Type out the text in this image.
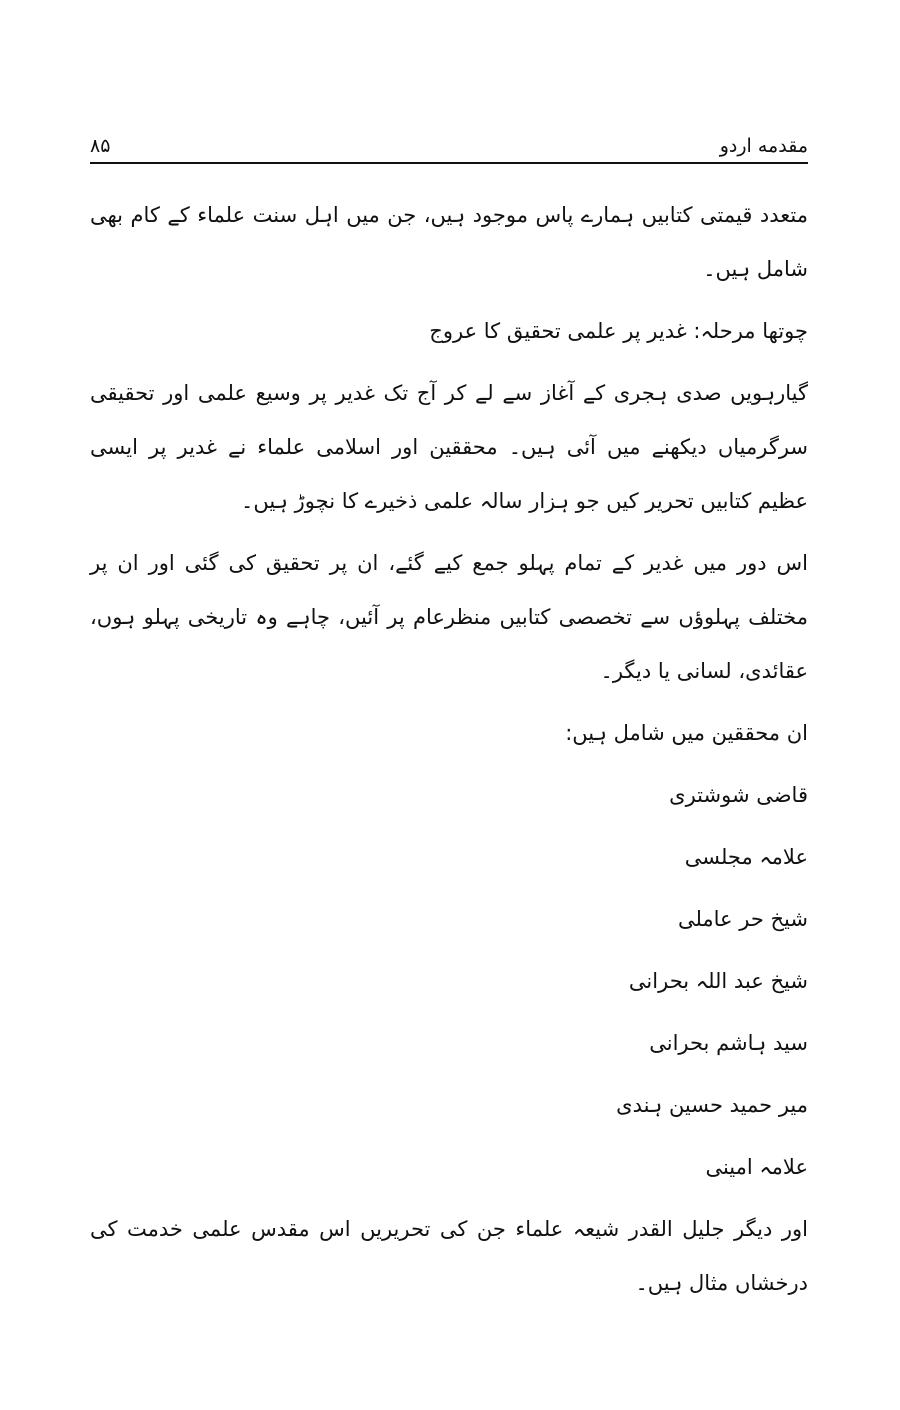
مقدمه اردو
۸۵

متعدد قیمتی کتابیں ہمارے پاس موجود ہیں، جن میں اہل سنت علماء کے کام بھی شامل ہیں۔

چوتھا مرحلہ: غدیر پر علمی تحقیق کا عروج

گیارہویں صدی ہجری کے آغاز سے لے کر آج تک غدیر پر وسیع علمی اور تحقیقی سرگرمیاں دیکھنے میں آئی ہیں۔ محققین اور اسلامی علماء نے غدیر پر ایسی عظیم کتابیں تحریر کیں جو ہزار سالہ علمی ذخیرے کا نچوڑ ہیں۔

اس دور میں غدیر کے تمام پہلو جمع کیے گئے، ان پر تحقیق کی گئی اور ان پر مختلف پہلوؤں سے تخصصی کتابیں منظرعام پر آئیں، چاہے وہ تاریخی پہلو ہوں، عقائدی، لسانی یا دیگر۔

ان محققین میں شامل ہیں:

قاضی شوشتری

علامہ مجلسی

شیخ حر عاملی

شیخ عبد اللہ بحرانی

سید ہاشم بحرانی

میر حمید حسین ہندی

علامہ امینی

اور دیگر جلیل القدر شیعہ علماء جن کی تحریریں اس مقدس علمی خدمت کی درخشاں مثال ہیں۔
